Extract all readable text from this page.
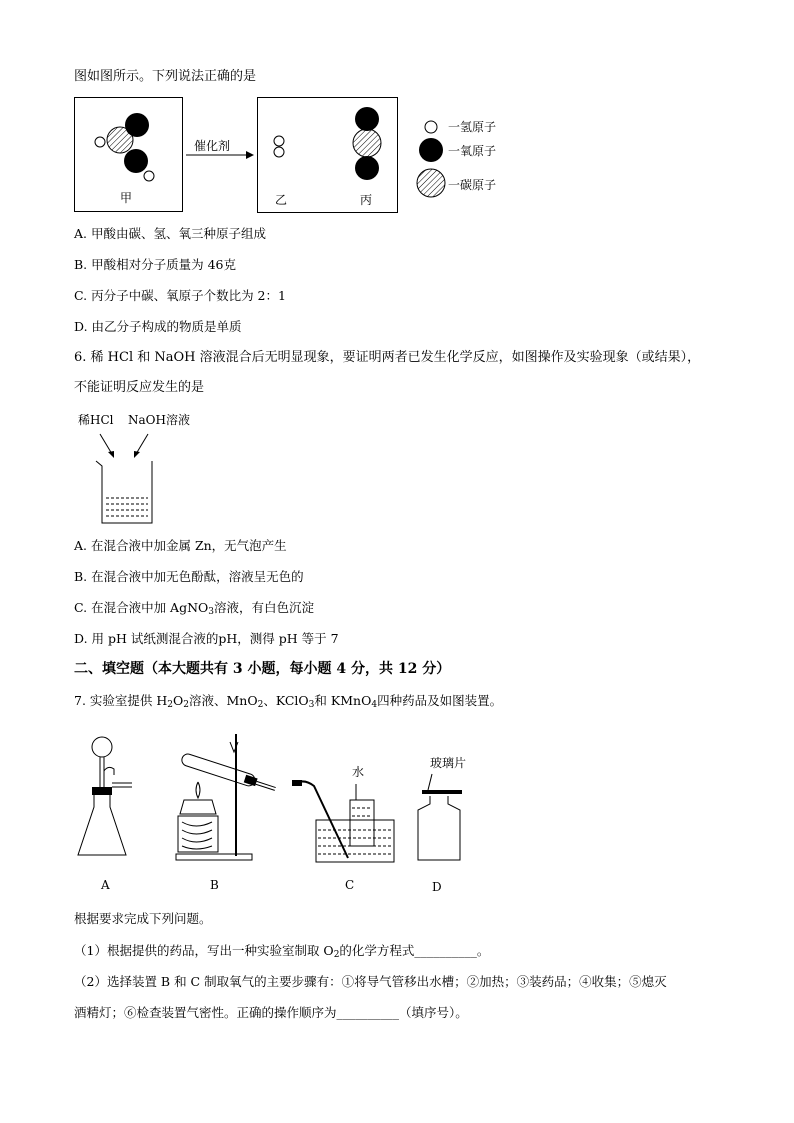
图如图所示。下列说法正确的是
甲
催化剂
乙	丙
一氢原子
一氧原子
一碳原子
A. 甲酸由碳、氢、氧三种原子组成
B. 甲酸相对分子质量为 46克
C. 丙分子中碳、氧原子个数比为 2：1
D. 由乙分子构成的物质是单质
6. 稀 HCl 和 NaOH 溶液混合后无明显现象，要证明两者已发生化学反应，如图操作及实验现象（或结果），
不能证明反应发生的是
稀HCl NaOH溶液
A. 在混合液中加金属 Zn，无气泡产生
B. 在混合液中加无色酚酞，溶液呈无色的
C. 在混合液中加 AgNO$_3$溶液，有白色沉淀
D. 用 pH 试纸测混合液的pH，测得 pH 等于 7
二、填空题（本大题共有 3 小题，每小题 4 分，共 12 分）
7. 实验室提供 $H_2O_2$溶液、MnO$_2$、KClO$_3$和 KMnO$_4$四种药品及如图装置。
A	B
水
C
玻璃片
D
根据要求完成下列问题。
（1）根据提供的药品，写出一种实验室制取 $O_2$的化学方程式__________。
（2）选择装置 B 和 C 制取氧气的主要步骤有：①将导气管移出水槽；②加热；③装药品；④收集；⑤熄灭
酒精灯；⑥检查装置气密性。正确的操作顺序为__________（填序号）。
